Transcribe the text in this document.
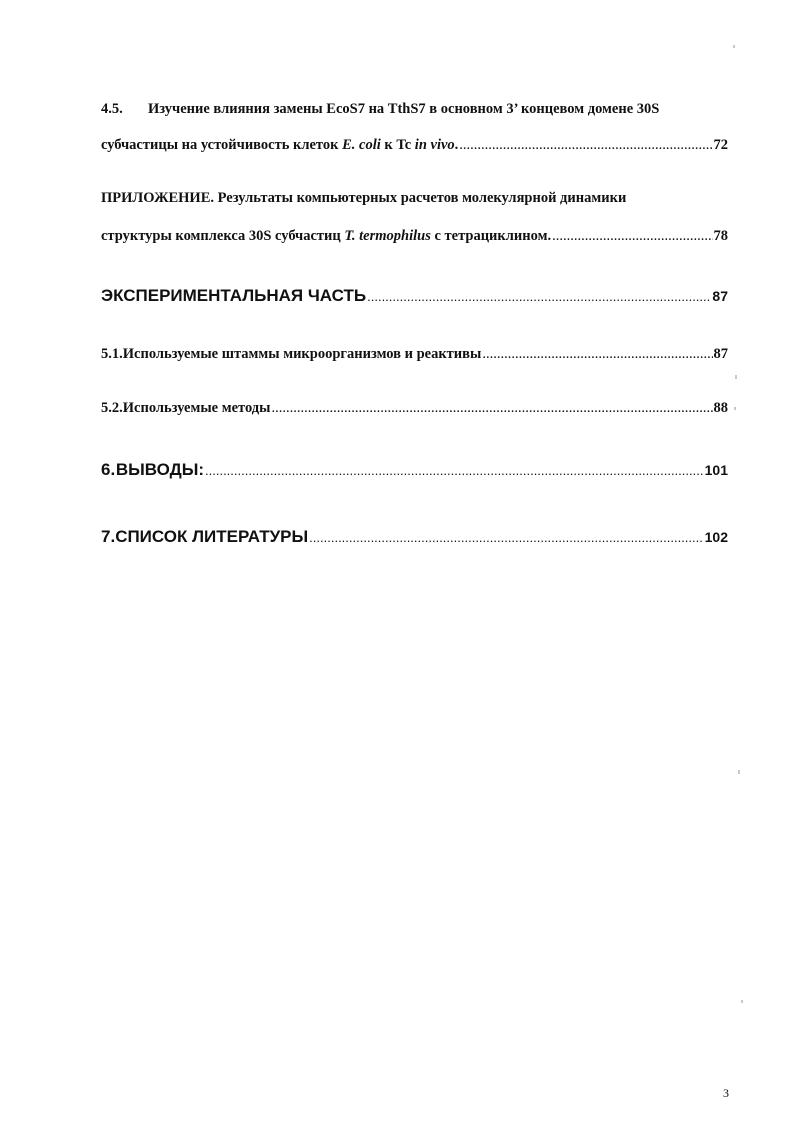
4.5.	Изучение влияния замены EcoS7 на TthS7 в основном 3’ концевом домене 30S
субчастицы на устойчивость клеток E. coli к Tc in vivo. .....	72
ПРИЛОЖЕНИЕ. Результаты компьютерных расчетов молекулярной динамики
структуры комплекса 30S субчастиц T. termophilus с тетрациклином. .....	78
ЭКСПЕРИМЕНТАЛЬНАЯ ЧАСТЬ .....	87
5.1. Используемые штаммы микроорганизмов и реактивы .....	87
5.2. Используемые методы .....	88
6. ВЫВОДЫ: .....	101
7. СПИСОК ЛИТЕРАТУРЫ .....	102
3
